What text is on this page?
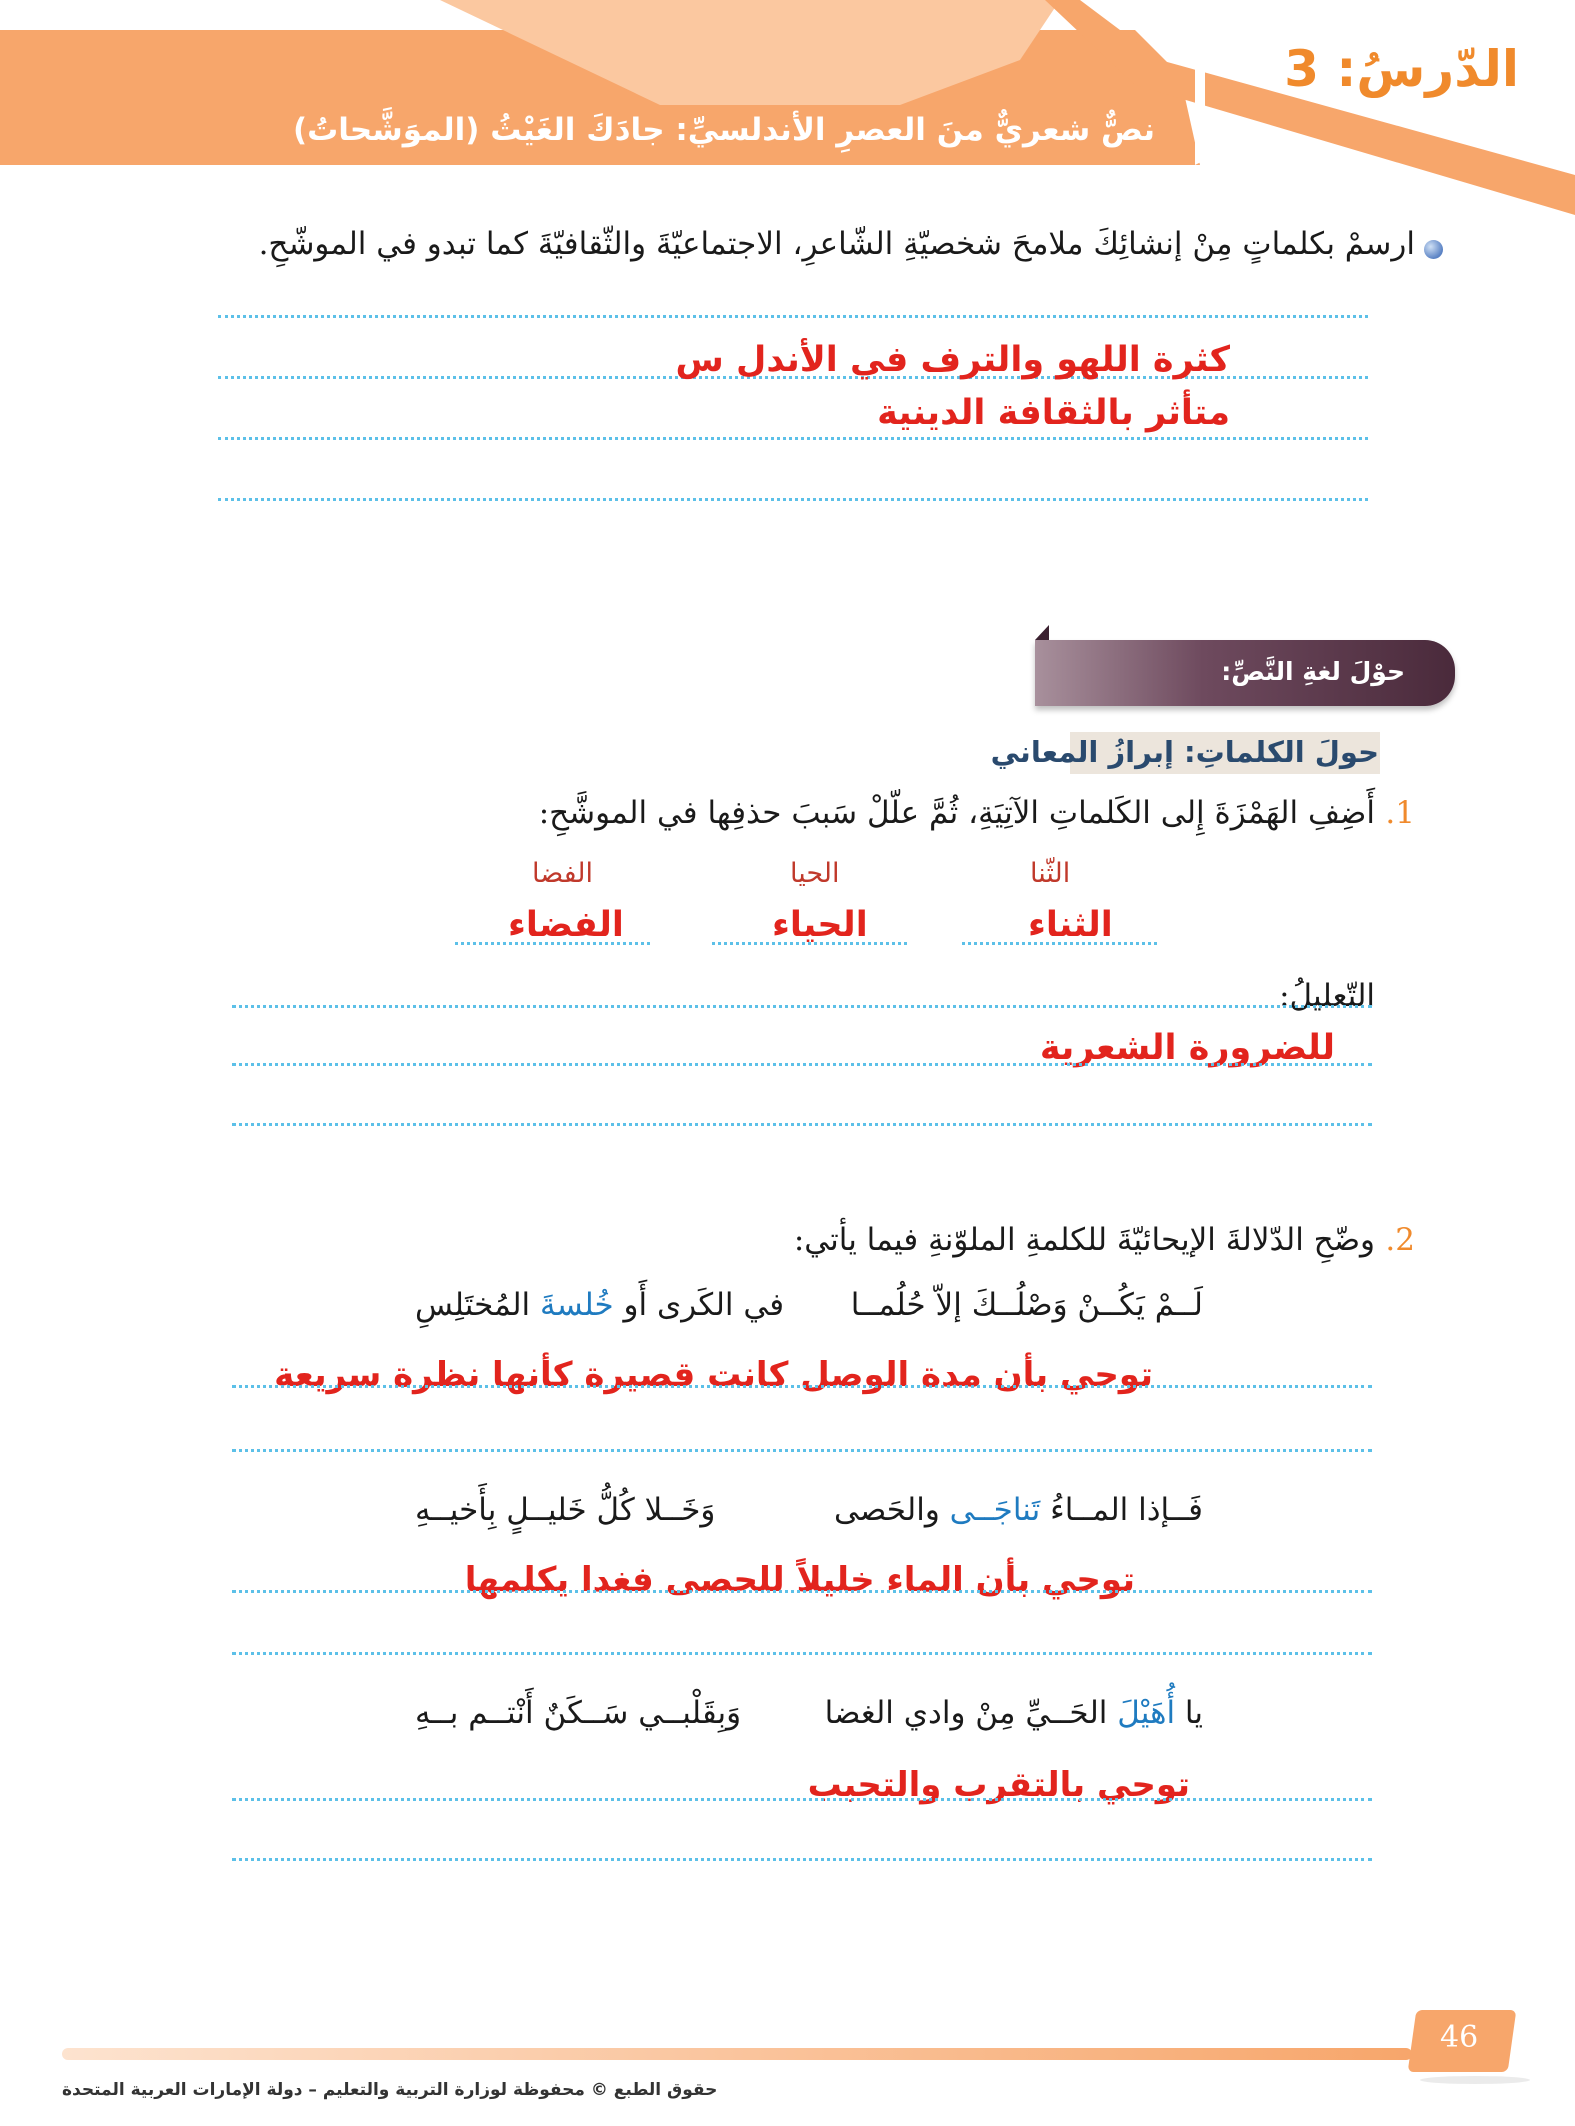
الدّرسُ: 3
نصٌّ شعريٌّ منَ العصرِ الأندلسيِّ: جادَكَ الغَيْثُ (الموَشَّحاتُ)
ارسمْ بكلماتٍ مِنْ إنشائِكَ ملامحَ شخصيّةِ الشّاعرِ، الاجتماعيّةَ والثّقافيّةَ كما تبدو في الموشّحِ.
كثرة اللهو والترف في الأندل س
متأثر بالثقافة الدينية
حوْلَ لغةِ النَّصِّ:
حولَ الكلماتِ: إبرازُ المعاني
1.
أَضِفِ الهَمْزَةَ إِلى الكَلماتِ الآتِيَةِ، ثُمَّ علّلْ سَببَ حذفِها في الموشَّحِ:
الثّنا
الحيا
الفضا
الثناء
الحياء
الفضاء
التّعليلُ:
للضرورة الشعرية
2.
وضّحِ الدّلالةَ الإيحائيّةَ للكلمةِ الملوّنةِ فيما يأتي:
لَــمْ يَكُــنْ وَصْلُــكَ إلاّ حُلُمــا
في الكَرى أَو خُلسةَ المُختَلِسِ
توحي بأن مدة الوصل كانت قصيرة كأنها نظرة سريعة
فَــإذا المــاءُ تَناجَــى والحَصى
وَخَــلا كُلُّ خَليــلٍ بِأَخيــهِ
توحي بأن الماء خليلاً للحصى فغدا يكلمها
يا أُهَيْلَ الحَــيِّ مِنْ وادي الغضا
وَبِقَلْبــي سَــكَنٌ أَنْتــم بــهِ
توحي بالتقرب والتحبب
46
حقوق الطبع © محفوظة لوزارة التربية والتعليم – دولة الإمارات العربية المتحدة
